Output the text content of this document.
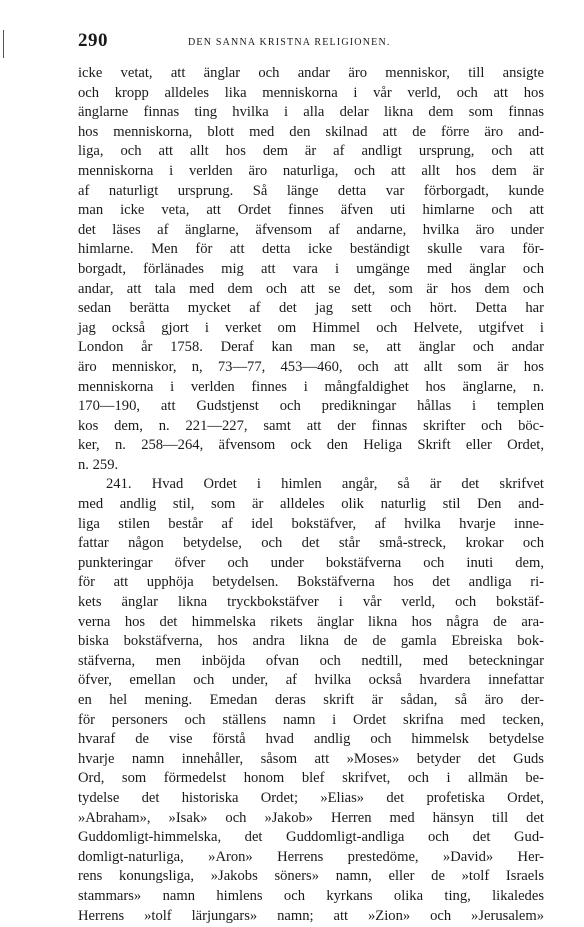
290	DEN SANNA KRISTNA RELIGIONEN.
icke vetat, att änglar och andar äro menniskor, till ansigte
och kropp alldeles lika menniskorna i vår verld, och att hos
änglarne finnas ting hvilka i alla delar likna dem som finnas
hos menniskorna, blott med den skilnad att de förre äro and-
liga, och att allt hos dem är af andligt ursprung, och att
menniskorna i verlden äro naturliga, och att allt hos dem är
af naturligt ursprung. Så länge detta var förborgadt, kunde
man icke veta, att Ordet finnes äfven uti himlarne och att
det läses af änglarne, äfvensom af andarne, hvilka äro under
himlarne. Men för att detta icke beständigt skulle vara för-
borgadt, förlänades mig att vara i umgänge med änglar och
andar, att tala med dem och att se det, som är hos dem och
sedan berätta mycket af det jag sett och hört. Detta har
jag också gjort i verket om Himmel och Helvete, utgifvet i
London år 1758. Deraf kan man se, att änglar och andar
äro menniskor, n, 73—77, 453—460, och att allt som är hos
menniskorna i verlden finnes i mångfaldighet hos änglarne, n.
170—190, att Gudstjenst och predikningar hållas i templen
kos dem, n. 221—227, samt att der finnas skrifter och böc-
ker, n. 258—264, äfvensom ock den Heliga Skrift eller Ordet,
n. 259.
241. Hvad Ordet i himlen angår, så är det skrifvet
med andlig stil, som är alldeles olik naturlig stil Den and-
liga stilen består af idel bokstäfver, af hvilka hvarje inne-
fattar någon betydelse, och det står små-streck, krokar och
punkteringar öfver och under bokstäfverna och inuti dem,
för att upphöja betydelsen. Bokstäfverna hos det andliga ri-
kets änglar likna tryckbokstäfver i vår verld, och bokstäf-
verna hos det himmelska rikets änglar likna hos några de ara-
biska bokstäfverna, hos andra likna de de gamla Ebreiska bok-
stäfverna, men inböjda ofvan och nedtill, med beteckningar
öfver, emellan och under, af hvilka också hvardera innefattar
en hel mening. Emedan deras skrift är sådan, så äro der-
för personers och ställens namn i Ordet skrifna med tecken,
hvaraf de vise förstå hvad andlig och himmelsk betydelse
hvarje namn innehåller, såsom att »Moses» betyder det Guds
Ord, som förmedelst honom blef skrifvet, och i allmän be-
tydelse det historiska Ordet; »Elias» det profetiska Ordet,
»Abraham», »Isak» och »Jakob» Herren med hänsyn till det
Guddomligt-himmelska, det Guddomligt-andliga och det Gud-
domligt-naturliga, »Aron» Herrens prestedöme, »David» Her-
rens konungsliga, »Jakobs söners» namn, eller de »tolf Israels
stammars» namn himlens och kyrkans olika ting, likaledes
Herrens »tolf lärjungars» namn; att »Zion» och »Jerusalem»
